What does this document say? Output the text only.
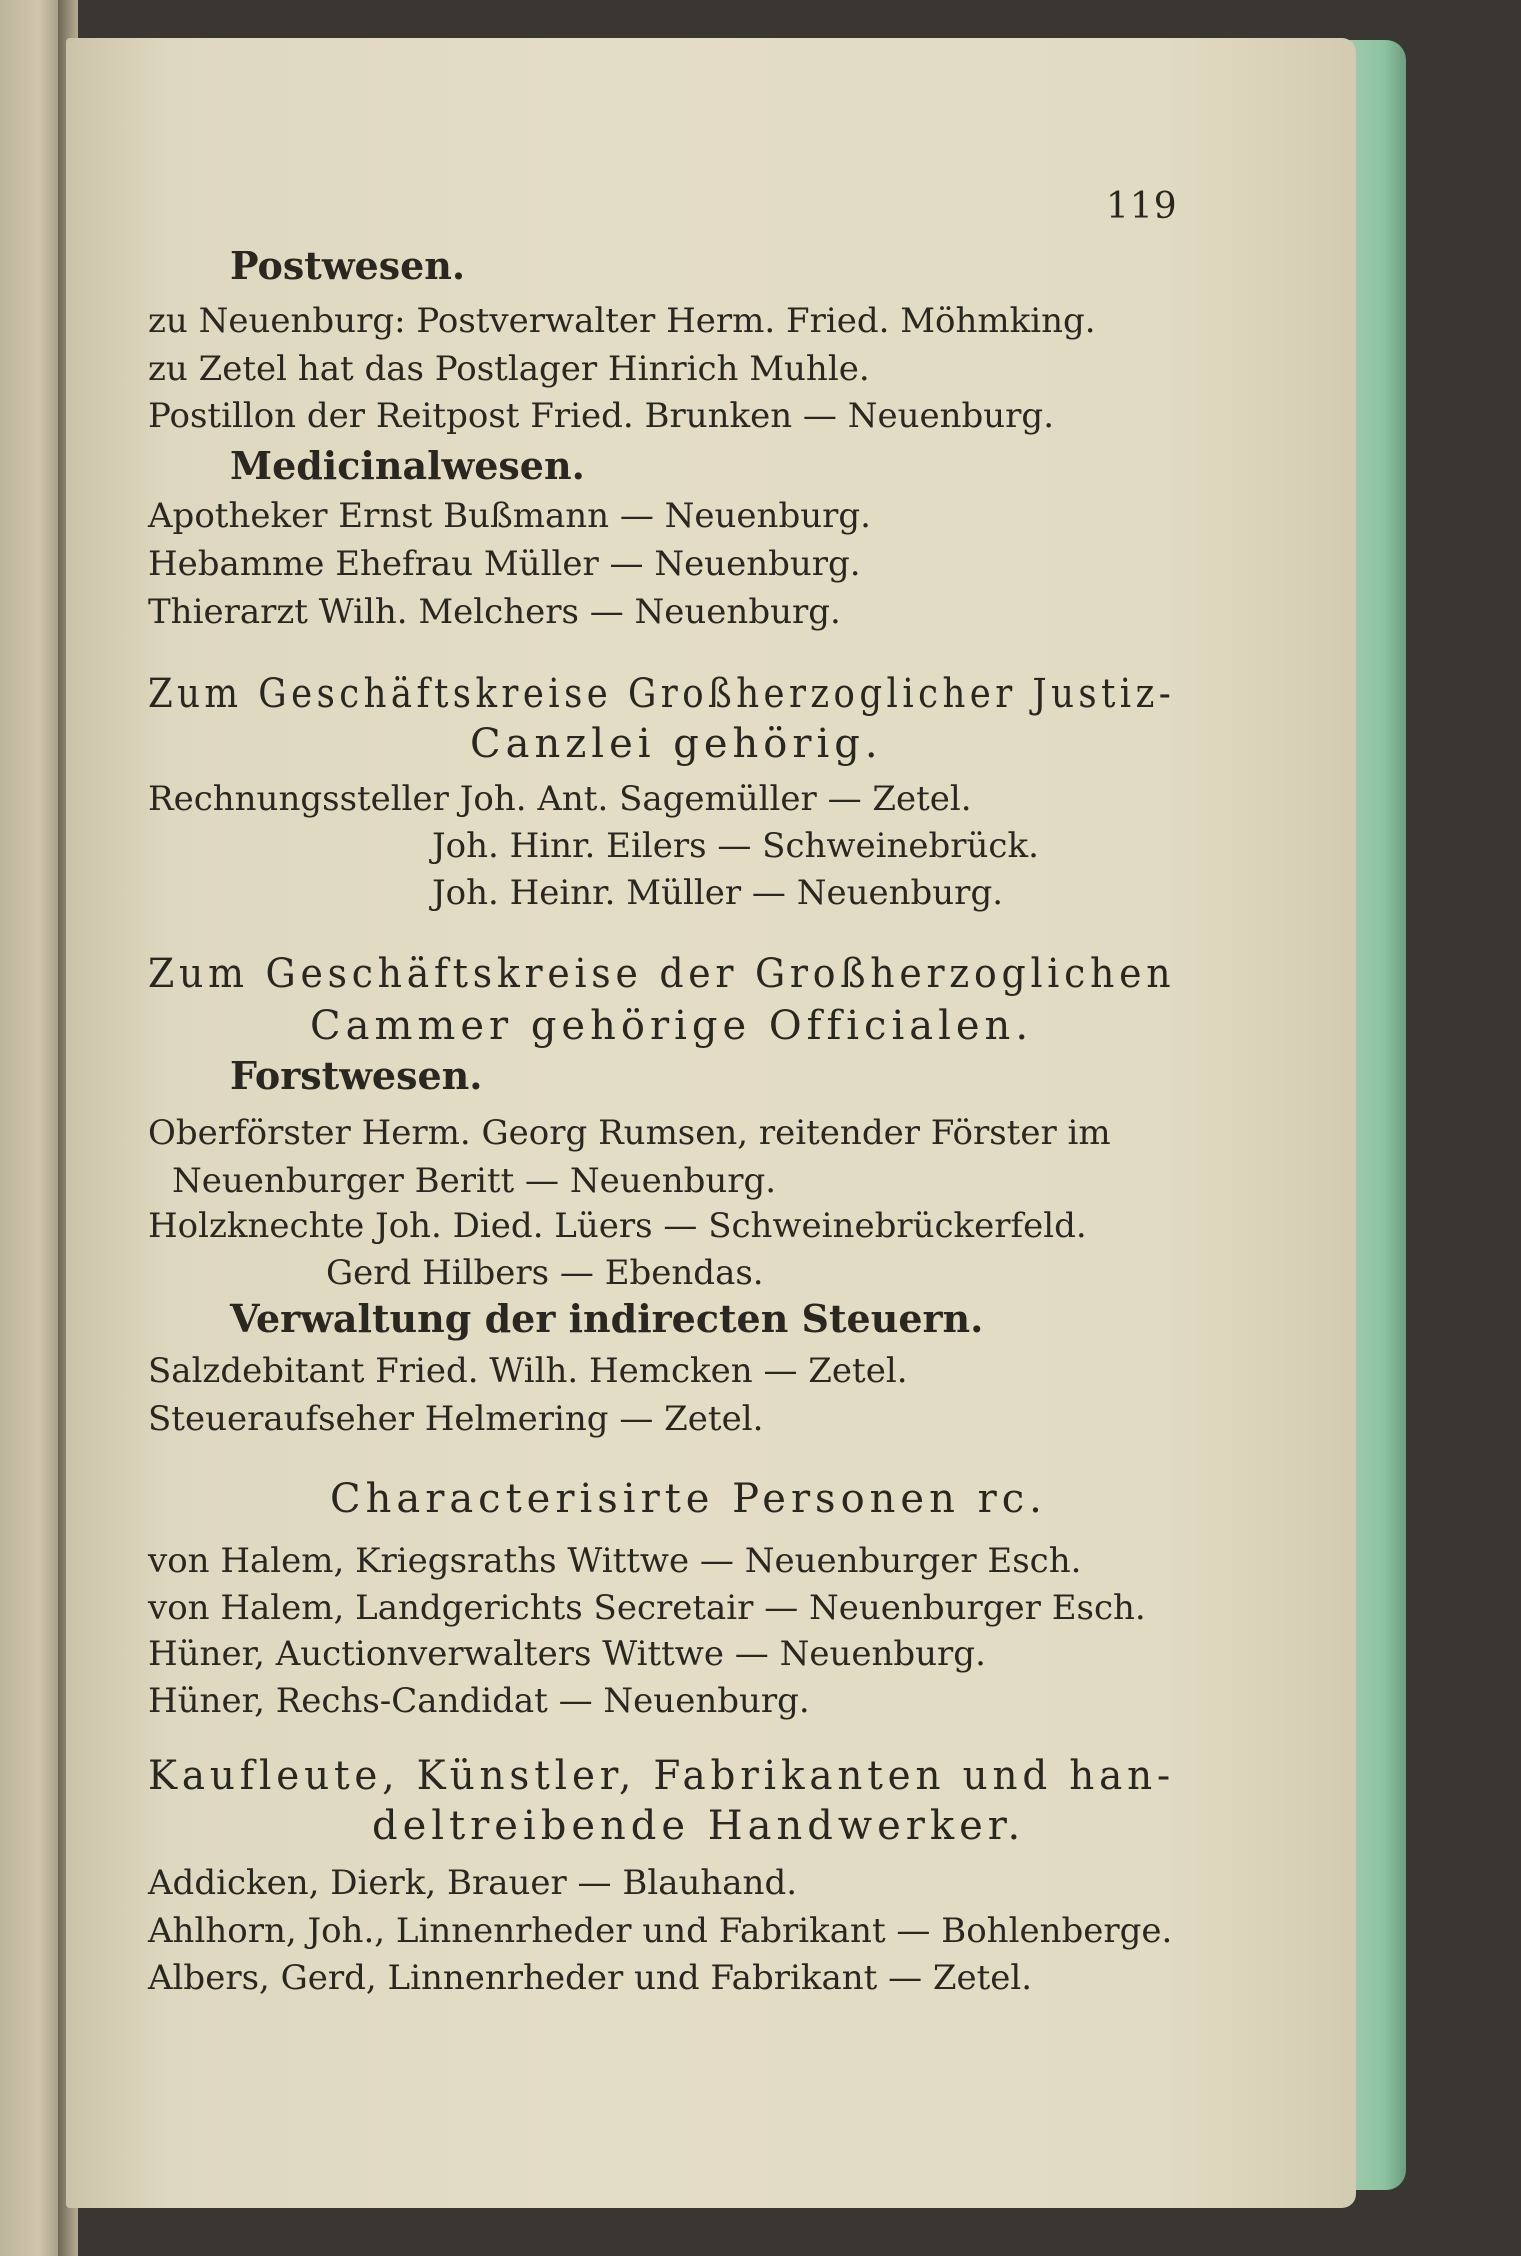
119
Postwesen.
zu Neuenburg: Postverwalter Herm. Fried. Möhmking.
zu Zetel hat das Postlager Hinrich Muhle.
Postillon der Reitpost Fried. Brunken — Neuenburg.
Medicinalwesen.
Apotheker Ernst Bußmann — Neuenburg.
Hebamme Ehefrau Müller — Neuenburg.
Thierarzt Wilh. Melchers — Neuenburg.
Zum Geschäftskreise Großherzoglicher Justiz-
Canzlei gehörig.
Rechnungssteller Joh. Ant. Sagemüller — Zetel.
Joh. Hinr. Eilers — Schweinebrück.
Joh. Heinr. Müller — Neuenburg.
Zum Geschäftskreise der Großherzoglichen
Cammer gehörige Officialen.
Forstwesen.
Oberförster Herm. Georg Rumsen, reitender Förster im
Neuenburger Beritt — Neuenburg.
Holzknechte Joh. Died. Lüers — Schweinebrückerfeld.
Gerd Hilbers — Ebendas.
Verwaltung der indirecten Steuern.
Salzdebitant Fried. Wilh. Hemcken — Zetel.
Steueraufseher Helmering — Zetel.
Characterisirte Personen rc.
von Halem, Kriegsraths Wittwe — Neuenburger Esch.
von Halem, Landgerichts Secretair — Neuenburger Esch.
Hüner, Auctionverwalters Wittwe — Neuenburg.
Hüner, Rechs-Candidat — Neuenburg.
Kaufleute, Künstler, Fabrikanten und han-
deltreibende Handwerker.
Addicken, Dierk, Brauer — Blauhand.
Ahlhorn, Joh., Linnenrheder und Fabrikant — Bohlenberge.
Albers, Gerd, Linnenrheder und Fabrikant — Zetel.
